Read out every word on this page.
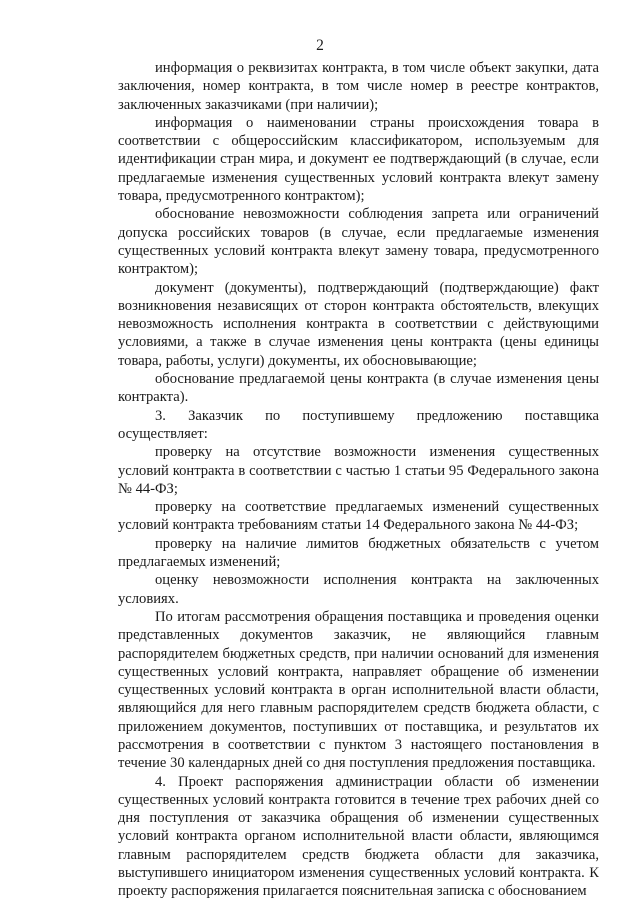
2

информация о реквизитах контракта, в том числе объект закупки, дата заключения, номер контракта, в том числе номер в реестре контрактов, заключенных заказчиками (при наличии);

информация о наименовании страны происхождения товара в соответствии с общероссийским классификатором, используемым для идентификации стран мира, и документ ее подтверждающий (в случае, если предлагаемые изменения существенных условий контракта влекут замену товара, предусмотренного контрактом);

обоснование невозможности соблюдения запрета или ограничений допуска российских товаров (в случае, если предлагаемые изменения существенных условий контракта влекут замену товара, предусмотренного контрактом);

документ (документы), подтверждающий (подтверждающие) факт возникновения независящих от сторон контракта обстоятельств, влекущих невозможность исполнения контракта в соответствии с действующими условиями, а также в случае изменения цены контракта (цены единицы товара, работы, услуги) документы, их обосновывающие;

обоснование предлагаемой цены контракта (в случае изменения цены контракта).

3. Заказчик по поступившему предложению поставщика осуществляет:

проверку на отсутствие возможности изменения существенных условий контракта в соответствии с частью 1 статьи 95 Федерального закона № 44-ФЗ;

проверку на соответствие предлагаемых изменений существенных условий контракта требованиям статьи 14 Федерального закона № 44-ФЗ;

проверку на наличие лимитов бюджетных обязательств с учетом предлагаемых изменений;

оценку невозможности исполнения контракта на заключенных условиях.

По итогам рассмотрения обращения поставщика и проведения оценки представленных документов заказчик, не являющийся главным распорядителем бюджетных средств, при наличии оснований для изменения существенных условий контракта, направляет обращение об изменении существенных условий контракта в орган исполнительной власти области, являющийся для него главным распорядителем средств бюджета области, с приложением документов, поступивших от поставщика, и результатов их рассмотрения в соответствии с пунктом 3 настоящего постановления в течение 30 календарных дней со дня поступления предложения поставщика.

4. Проект распоряжения администрации области об изменении существенных условий контракта готовится в течение трех рабочих дней со дня поступления от заказчика обращения об изменении существенных условий контракта органом исполнительной власти области, являющимся главным распорядителем средств бюджета области для заказчика, выступившего инициатором изменения существенных условий контракта. К проекту распоряжения прилагается пояснительная записка с обоснованием
